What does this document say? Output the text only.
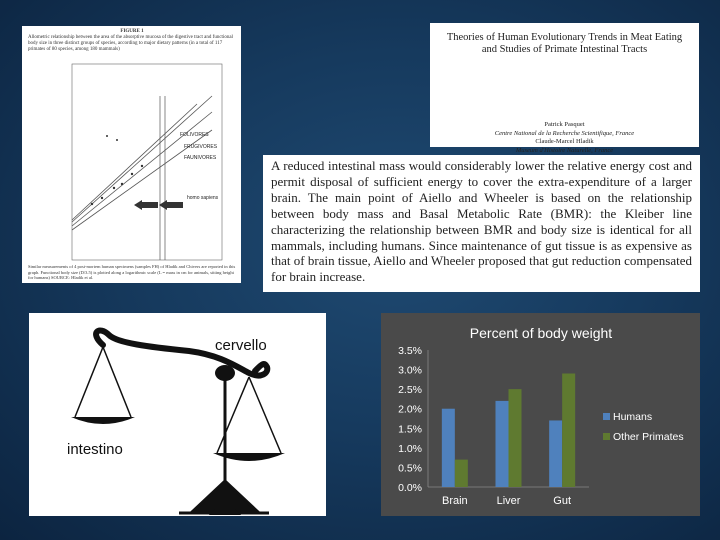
FOLIVORES
FRUGIVORES
FAUNIVORES
homo sapiens
FIGURE 1
Allometric relationship between the area of the absorptive mucosa of the digestive tract and functional body size in three distinct groups of species, according to major dietary patterns (in a total of 117 primates of 80 species, among 180 mammals)
Similar measurements of 4 post-mortem human specimens (samples FH) of Hladik and Chivers are reported in this graph. Functional body size (D/3.5) is plotted along a logarithmic scale (L = mass in cm for animals, sitting height for humans) SOURCE: Hladik et al.
Theories of Human Evolutionary Trends in Meat Eating and Studies of Primate Intestinal Tracts
Patrick Pasquet
Centre National de la Recherche Scientifique, France
Claude-Marcel Hladik
Museum d'Histoire Naturelle, France

A reduced intestinal mass would considerably lower the relative energy cost and permit disposal of sufficient energy to cover the extra-expenditure of a larger brain. The main point of Aiello and Wheeler is based on the relationship between body mass and Basal Metabolic Rate (BMR): the Kleiber line characterizing the relationship between BMR and body size is identical for all mammals, including humans. Since maintenance of gut tissue is as expensive as that of brain tissue, Aiello and Wheeler proposed that gut reduction compensated for brain increase.

cervello
intestino
Percent of body weight
0.0%
0.5%
1.0%
1.5%
2.0%
2.5%
3.0%
3.5%
Brain	Liver	Gut
Humans
Other Primates
